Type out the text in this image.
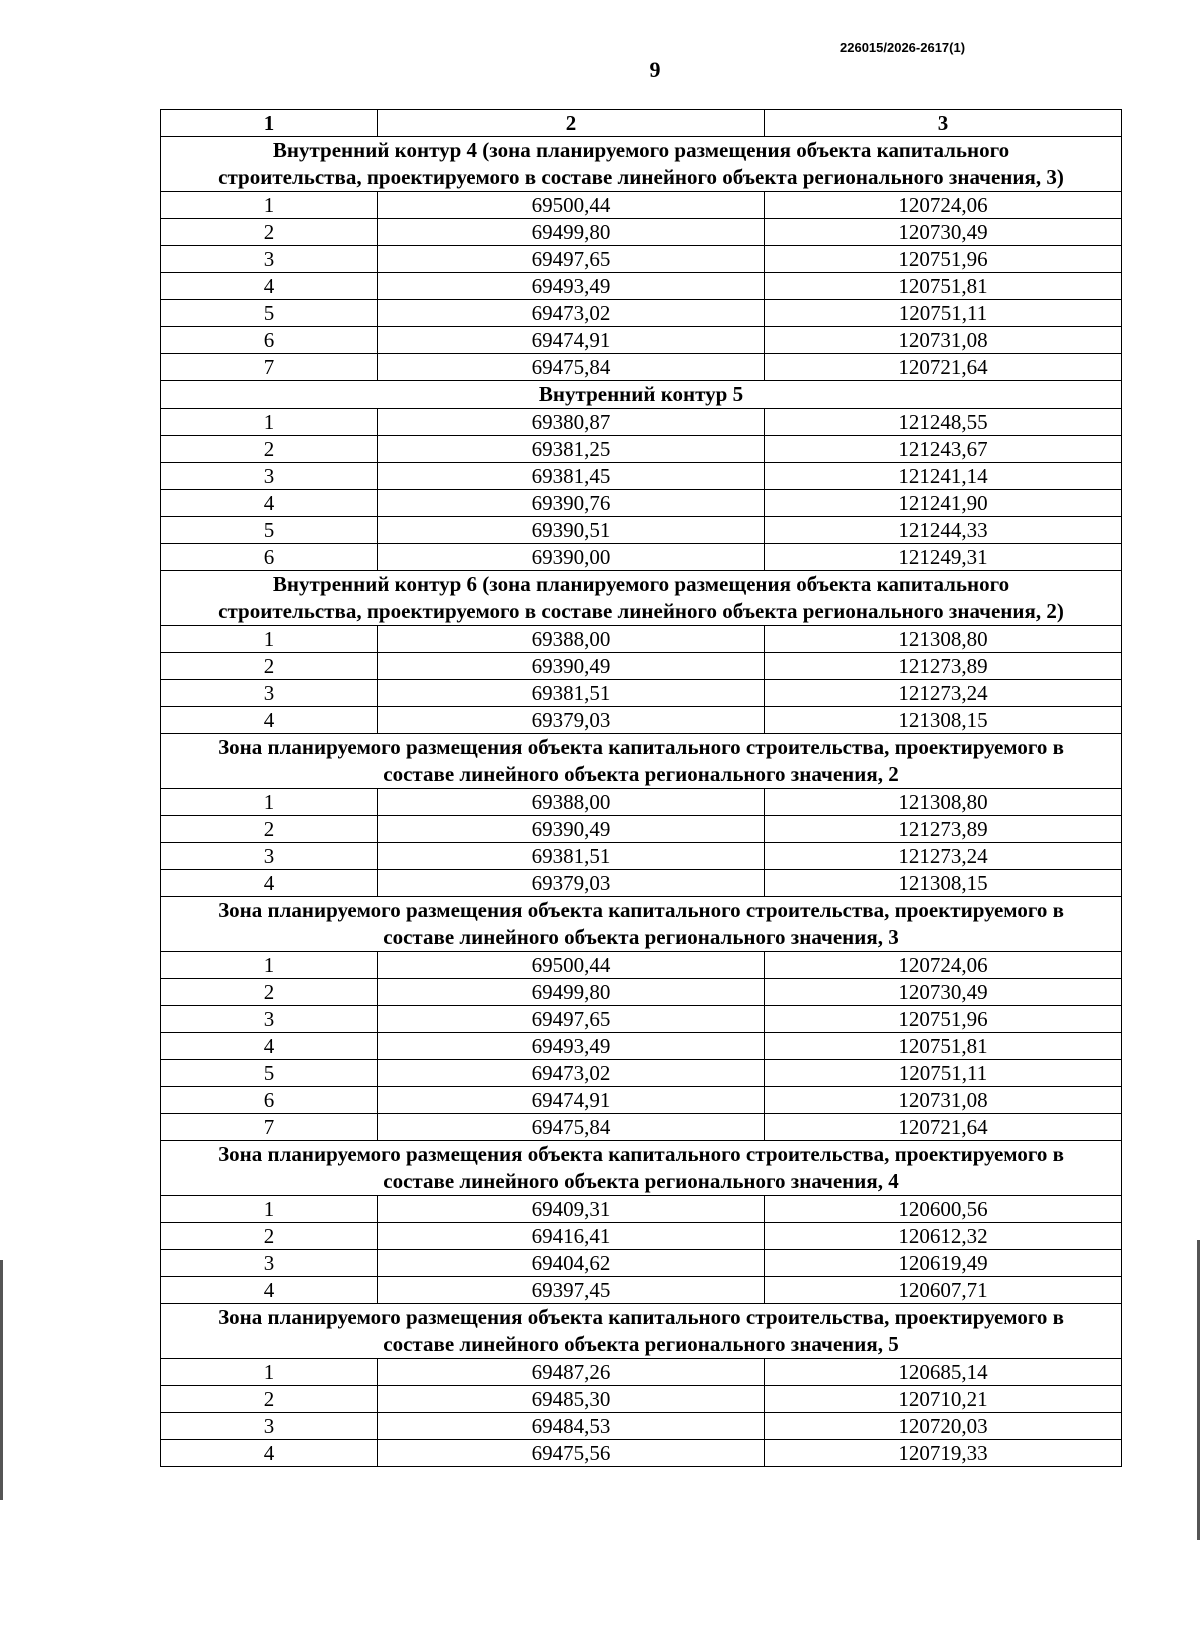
226015/2026-2617(1)
9
1	2	3
Внутренний контур 4 (зона планируемого размещения объекта капитального строительства, проектируемого в составе линейного объекта регионального значения, 3)		
1	69500,44	120724,06
2	69499,80	120730,49
3	69497,65	120751,96
4	69493,49	120751,81
5	69473,02	120751,11
6	69474,91	120731,08
7	69475,84	120721,64
Внутренний контур 5		
1	69380,87	121248,55
2	69381,25	121243,67
3	69381,45	121241,14
4	69390,76	121241,90
5	69390,51	121244,33
6	69390,00	121249,31
Внутренний контур 6 (зона планируемого размещения объекта капитального строительства, проектируемого в составе линейного объекта регионального значения, 2)		
1	69388,00	121308,80
2	69390,49	121273,89
3	69381,51	121273,24
4	69379,03	121308,15
Зона планируемого размещения объекта капитального строительства, проектируемого в составе линейного объекта регионального значения, 2		
1	69388,00	121308,80
2	69390,49	121273,89
3	69381,51	121273,24
4	69379,03	121308,15
Зона планируемого размещения объекта капитального строительства, проектируемого в составе линейного объекта регионального значения, 3		
1	69500,44	120724,06
2	69499,80	120730,49
3	69497,65	120751,96
4	69493,49	120751,81
5	69473,02	120751,11
6	69474,91	120731,08
7	69475,84	120721,64
Зона планируемого размещения объекта капитального строительства, проектируемого в составе линейного объекта регионального значения, 4		
1	69409,31	120600,56
2	69416,41	120612,32
3	69404,62	120619,49
4	69397,45	120607,71
Зона планируемого размещения объекта капитального строительства, проектируемого в составе линейного объекта регионального значения, 5		
1	69487,26	120685,14
2	69485,30	120710,21
3	69484,53	120720,03
4	69475,56	120719,33
